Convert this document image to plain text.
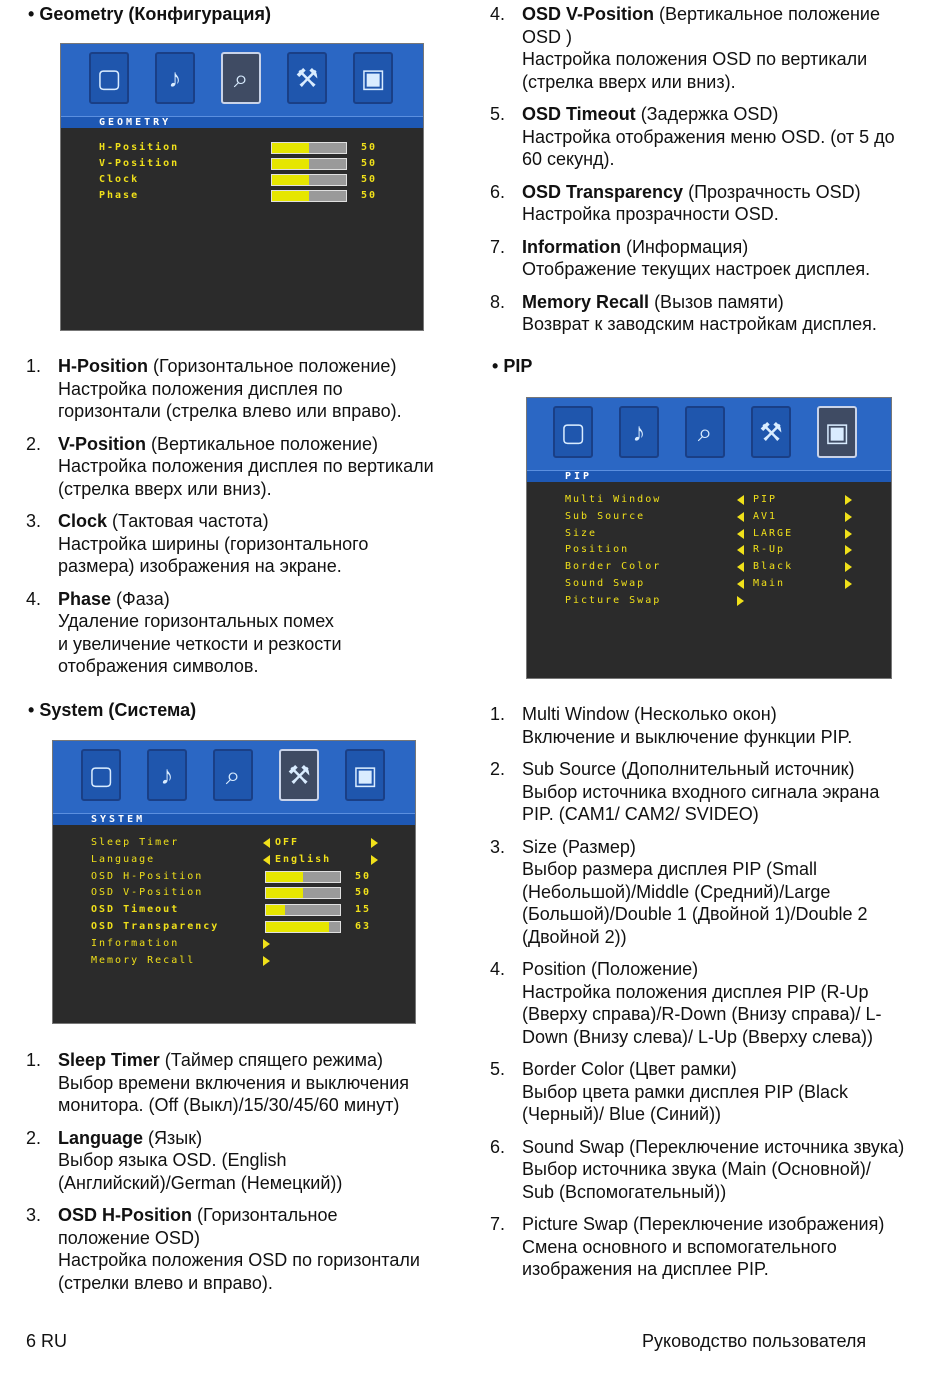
• Geometry (Конфигурация)
▢ ♪ ⌕ ⚒ ▣
GEOMETRY
H-Position	50
V-Position	50
Clock	50
Phase	50
1. H-Position (Горизонтальное положение)
Настройка положения дисплея по
горизонтали (стрелка влево или вправо).
2. V-Position (Вертикальное положение)
Настройка положения дисплея по вертикали
(стрелка вверх или вниз).
3. Clock (Тактовая частота)
Настройка ширины (горизонтального
размера) изображения на экране.
4. Phase (Фаза)
Удаление горизонтальных помех
и увеличение четкости и резкости
отображения символов.
• System (Система)
▢ ♪ ⌕ ⚒ ▣
SYSTEM
Sleep Timer	OFF
Language	English
OSD H-Position	50
OSD V-Position	50
OSD Timeout	15
OSD Transparency	63
Information
Memory Recall
1. Sleep Timer (Таймер спящего режима)
Выбор времени включения и выключения
монитора. (Off (Выкл)/15/30/45/60 минут)
2. Language (Язык)
Выбор языка OSD. (English
(Английский)/German (Немецкий))
3. OSD H-Position (Горизонтальное
положение OSD)
Настройка положения OSD по горизонтали
(стрелки влево и вправо).
6 RU
4. OSD V-Position (Вертикальное положение
OSD )
Настройка положения OSD по вертикали
(стрелка вверх или вниз).
5. OSD Timeout (Задержка OSD)
Настройка отображения меню OSD. (от 5 до
60 секунд).
6. OSD Transparency (Прозрачность OSD)
Настройка прозрачности OSD.
7. Information (Информация)
Отображение текущих настроек дисплея.
8. Memory Recall (Вызов памяти)
Возврат к заводским настройкам дисплея.
• PIP
▢ ♪ ⌕ ⚒ ▣
PIP
Multi Window	PIP
Sub Source	AV1
Size	LARGE
Position	R-Up
Border Color	Black
Sound Swap	Main
Picture Swap
1. Multi Window (Несколько окон)
Включение и выключение функции PIP.
2. Sub Source (Дополнительный источник)
Выбор источника входного сигнала экрана
PIP. (CAM1/ CAM2/ SVIDEO)
3. Size (Размер)
Выбор размера дисплея PIP (Small
(Небольшой)/Middle (Средний)/Large
(Большой)/Double 1 (Двойной 1)/Double 2
(Двойной 2))
4. Position (Положение)
Настройка положения дисплея PIP (R-Up
(Вверху справа)/R-Down (Внизу справа)/ L-
Down (Внизу слева)/ L-Up (Вверху слева))
5. Border Color (Цвет рамки)
Выбор цвета рамки дисплея PIP (Black
(Черный)/ Blue (Синий))
6. Sound Swap (Переключение источника звука)
Выбор источника звука (Main (Основной)/
Sub (Вспомогательный))
7. Picture Swap (Переключение изображения)
Смена основного и вспомогательного
изображения на дисплее PIP.
Руководство пользователя
